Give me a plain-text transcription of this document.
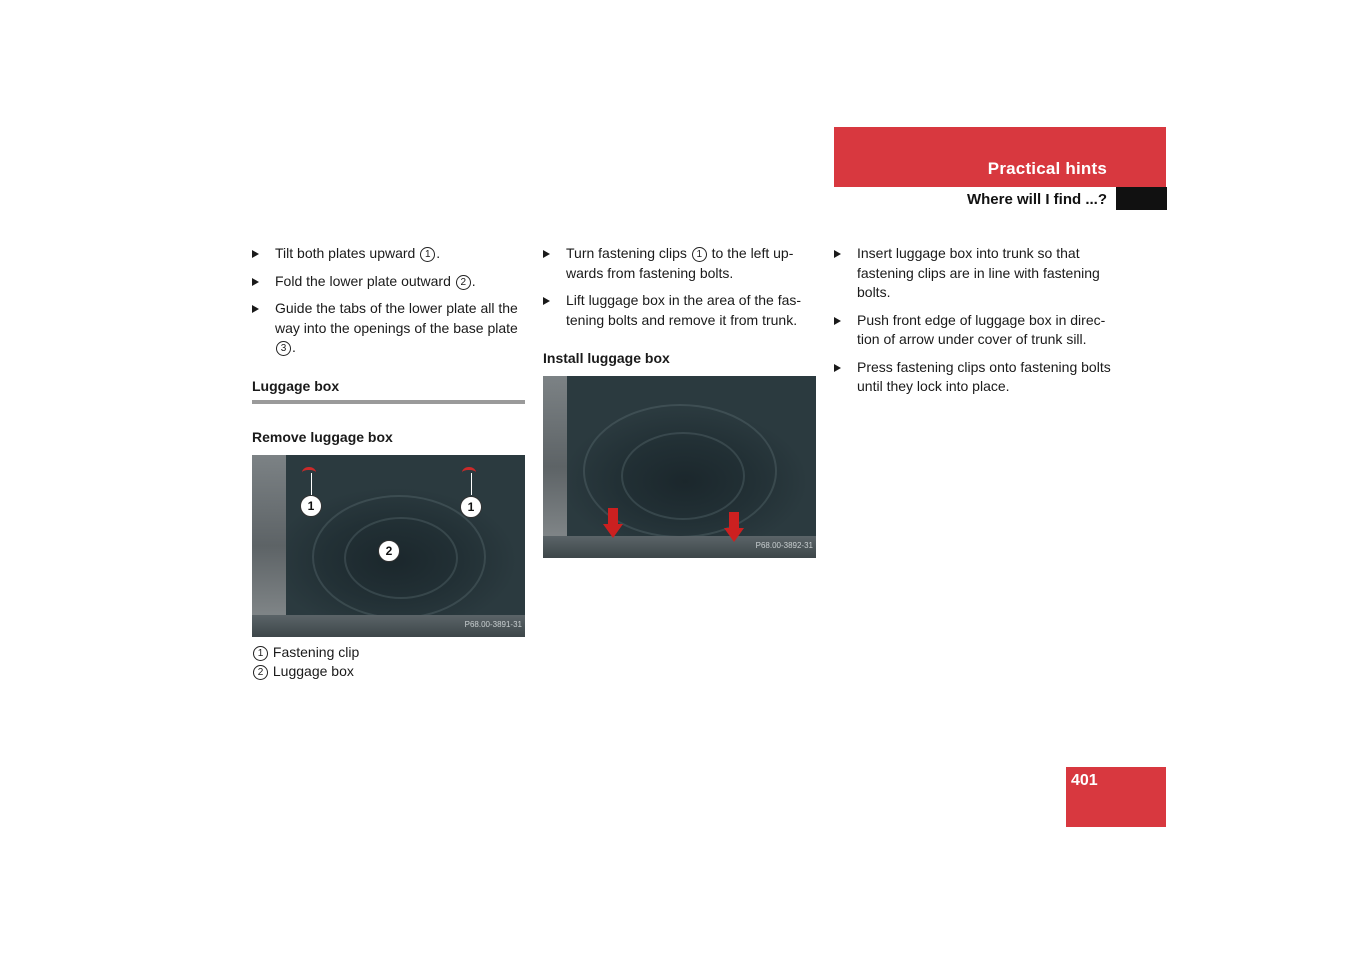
Practical hints
Where will I find ...?
Tilt both plates upward 1 .
Fold the lower plate outward 2 .
Guide the tabs of the lower plate all the way into the openings of the base plate 3 .
Luggage box
Remove luggage box
1	1
2
P68.00-3891-31
1 Fastening clip
2 Luggage box
Turn fastening clips 1 to the left up-wards from fastening bolts.
Lift luggage box in the area of the fas-tening bolts and remove it from trunk.
Install luggage box
P68.00-3892-31
Insert luggage box into trunk so that fastening clips are in line with fastening bolts.
Push front edge of luggage box in direc-tion of arrow under cover of trunk sill.
Press fastening clips onto fastening bolts until they lock into place.
401
